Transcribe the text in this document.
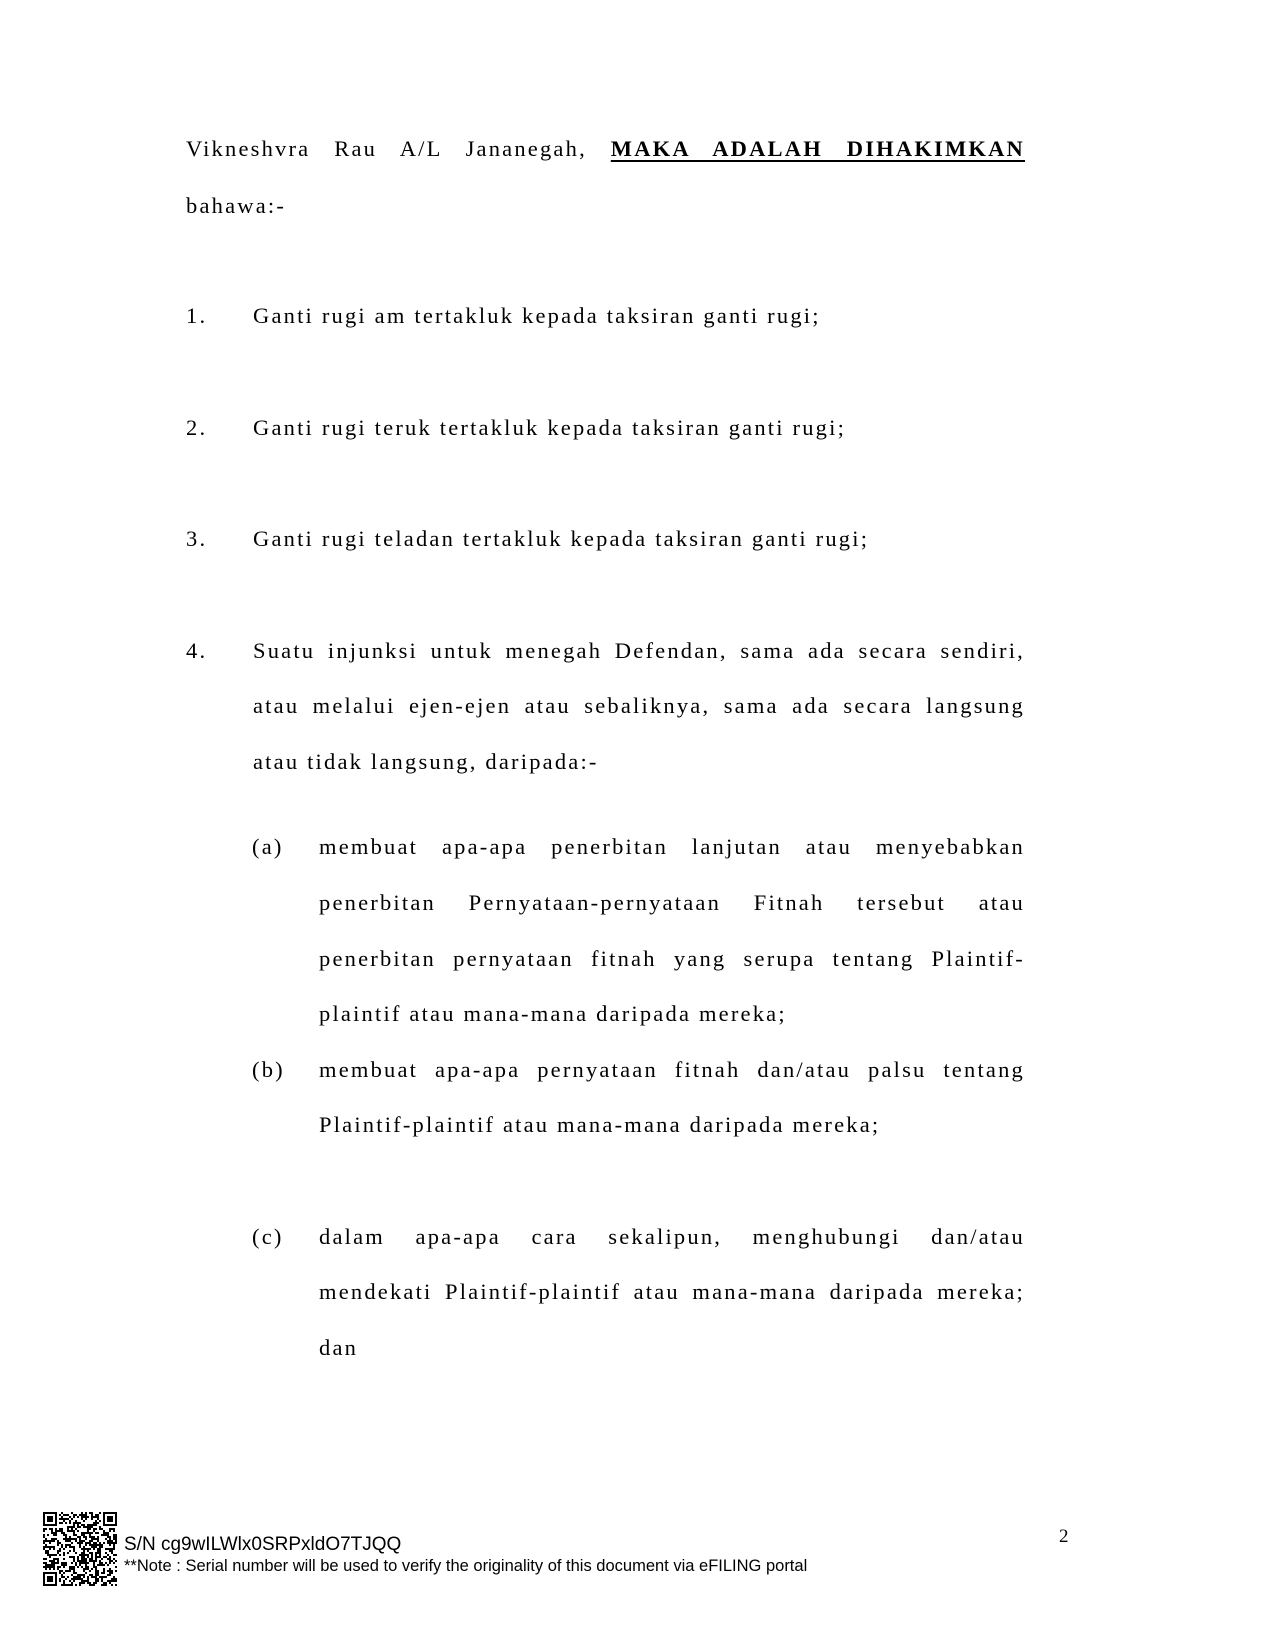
Vikneshvra Rau A/L Jananegah, MAKA ADALAH DIHAKIMKAN
bahawa:-
1. Ganti rugi am tertakluk kepada taksiran ganti rugi;
2. Ganti rugi teruk tertakluk kepada taksiran ganti rugi;
3. Ganti rugi teladan tertakluk kepada taksiran ganti rugi;
4. Suatu injunksi untuk menegah Defendan, sama ada secara sendiri,
atau melalui ejen-ejen atau sebaliknya, sama ada secara langsung
atau tidak langsung, daripada:-
(a) membuat apa-apa penerbitan lanjutan atau menyebabkan
penerbitan Pernyataan-pernyataan Fitnah tersebut atau
penerbitan pernyataan fitnah yang serupa tentang Plaintif-
plaintif atau mana-mana daripada mereka;
(b) membuat apa-apa pernyataan fitnah dan/atau palsu tentang
Plaintif-plaintif atau mana-mana daripada mereka;
(c) dalam apa-apa cara sekalipun, menghubungi dan/atau
mendekati Plaintif-plaintif atau mana-mana daripada mereka;
dan
2
S/N cg9wILWlx0SRPxldO7TJQQ
**Note : Serial number will be used to verify the originality of this document via eFILING portal
